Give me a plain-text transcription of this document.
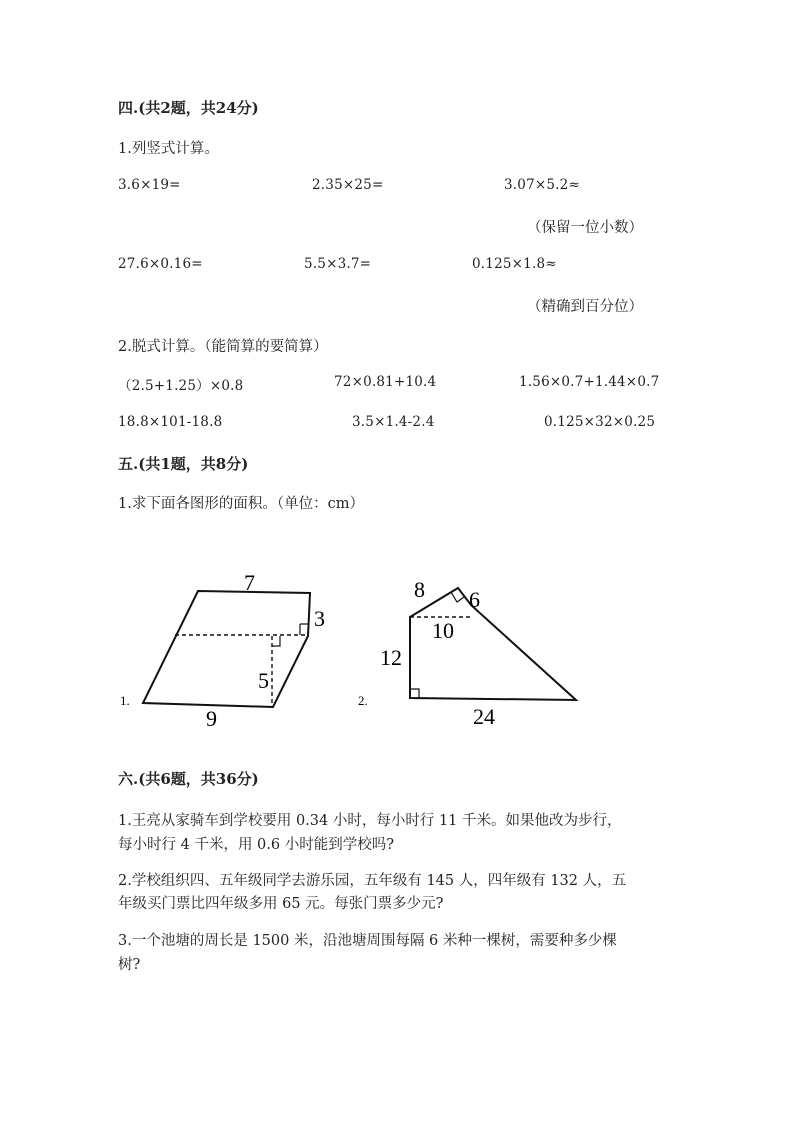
四.(共2题，共24分)
1.列竖式计算。
3.6×19=	2.35×25=	3.07×5.2≈
（保留一位小数）
27.6×0.16=	5.5×3.7=	0.125×1.8≈
（精确到百分位）
2.脱式计算。（能简算的要简算）
（2.5+1.25）×0.8	72×0.81+10.4	1.56×0.7+1.44×0.7
18.8×101-18.8	3.5×1.4-2.4	0.125×32×0.25
五.(共1题，共8分)
1.求下面各图形的面积。（单位：cm）
7
3
5
9
1.
8 6
10
12
24
2.
六.(共6题，共36分)
1.王亮从家骑车到学校要用 0.34 小时，每小时行 11 千米。如果他改为步行，
每小时行 4 千米，用 0.6 小时能到学校吗?
2.学校组织四、五年级同学去游乐园，五年级有 145 人，四年级有 132 人，五
年级买门票比四年级多用 65 元。每张门票多少元?
3.一个池塘的周长是 1500 米，沿池塘周围每隔 6 米种一棵树，需要种多少棵
树?
